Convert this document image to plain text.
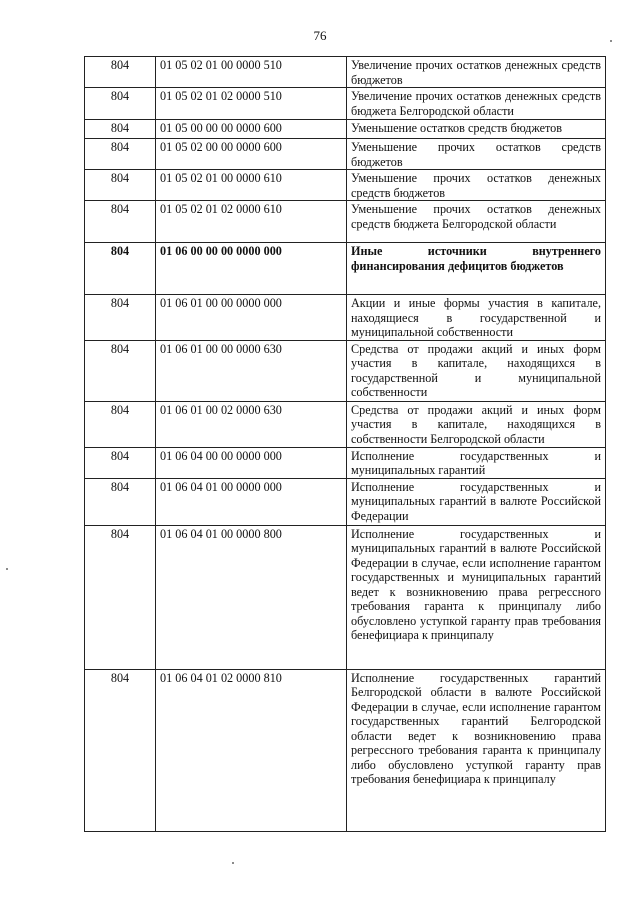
76
804	01 05 02 01 00 0000 510	Увеличение прочих остатков денежных средств бюджетов
804	01 05 02 01 02 0000 510	Увеличение прочих остатков денежных средств бюджета Белгородской области
804	01 05 00 00 00 0000 600	Уменьшение остатков средств бюджетов
804	01 05 02 00 00 0000 600	Уменьшение прочих остатков средств бюджетов
804	01 05 02 01 00 0000 610	Уменьшение прочих остатков денежных средств бюджетов
804	01 05 02 01 02 0000 610	Уменьшение прочих остатков денежных средств бюджета Белгородской области
804	01 06 00 00 00 0000 000	Иные источники внутреннего финансирования дефицитов бюджетов
804	01 06 01 00 00 0000 000	Акции и иные формы участия в капитале, находящиеся в государственной и муниципальной собственности
804	01 06 01 00 00 0000 630	Средства от продажи акций и иных форм участия в капитале, находящихся в государственной и муниципальной собственности
804	01 06 01 00 02 0000 630	Средства от продажи акций и иных форм участия в капитале, находящихся в собственности Белгородской области
804	01 06 04 00 00 0000 000	Исполнение государственных и муниципальных гарантий
804	01 06 04 01 00 0000 000	Исполнение государственных и муниципальных гарантий в валюте Российской Федерации
804	01 06 04 01 00 0000 800	Исполнение государственных и муниципальных гарантий в валюте Российской Федерации в случае, если исполнение гарантом государственных и муниципальных гарантий ведет к возникновению права регрессного требования гаранта к принципалу либо обусловлено уступкой гаранту прав требования бенефициара к принципалу
804	01 06 04 01 02 0000 810	Исполнение государственных гарантий Белгородской области в валюте Российской Федерации в случае, если исполнение гарантом государственных гарантий Белгородской области ведет к возникновению права регрессного требования гаранта к принципалу либо обусловлено уступкой гаранту прав требования бенефициара к принципалу
